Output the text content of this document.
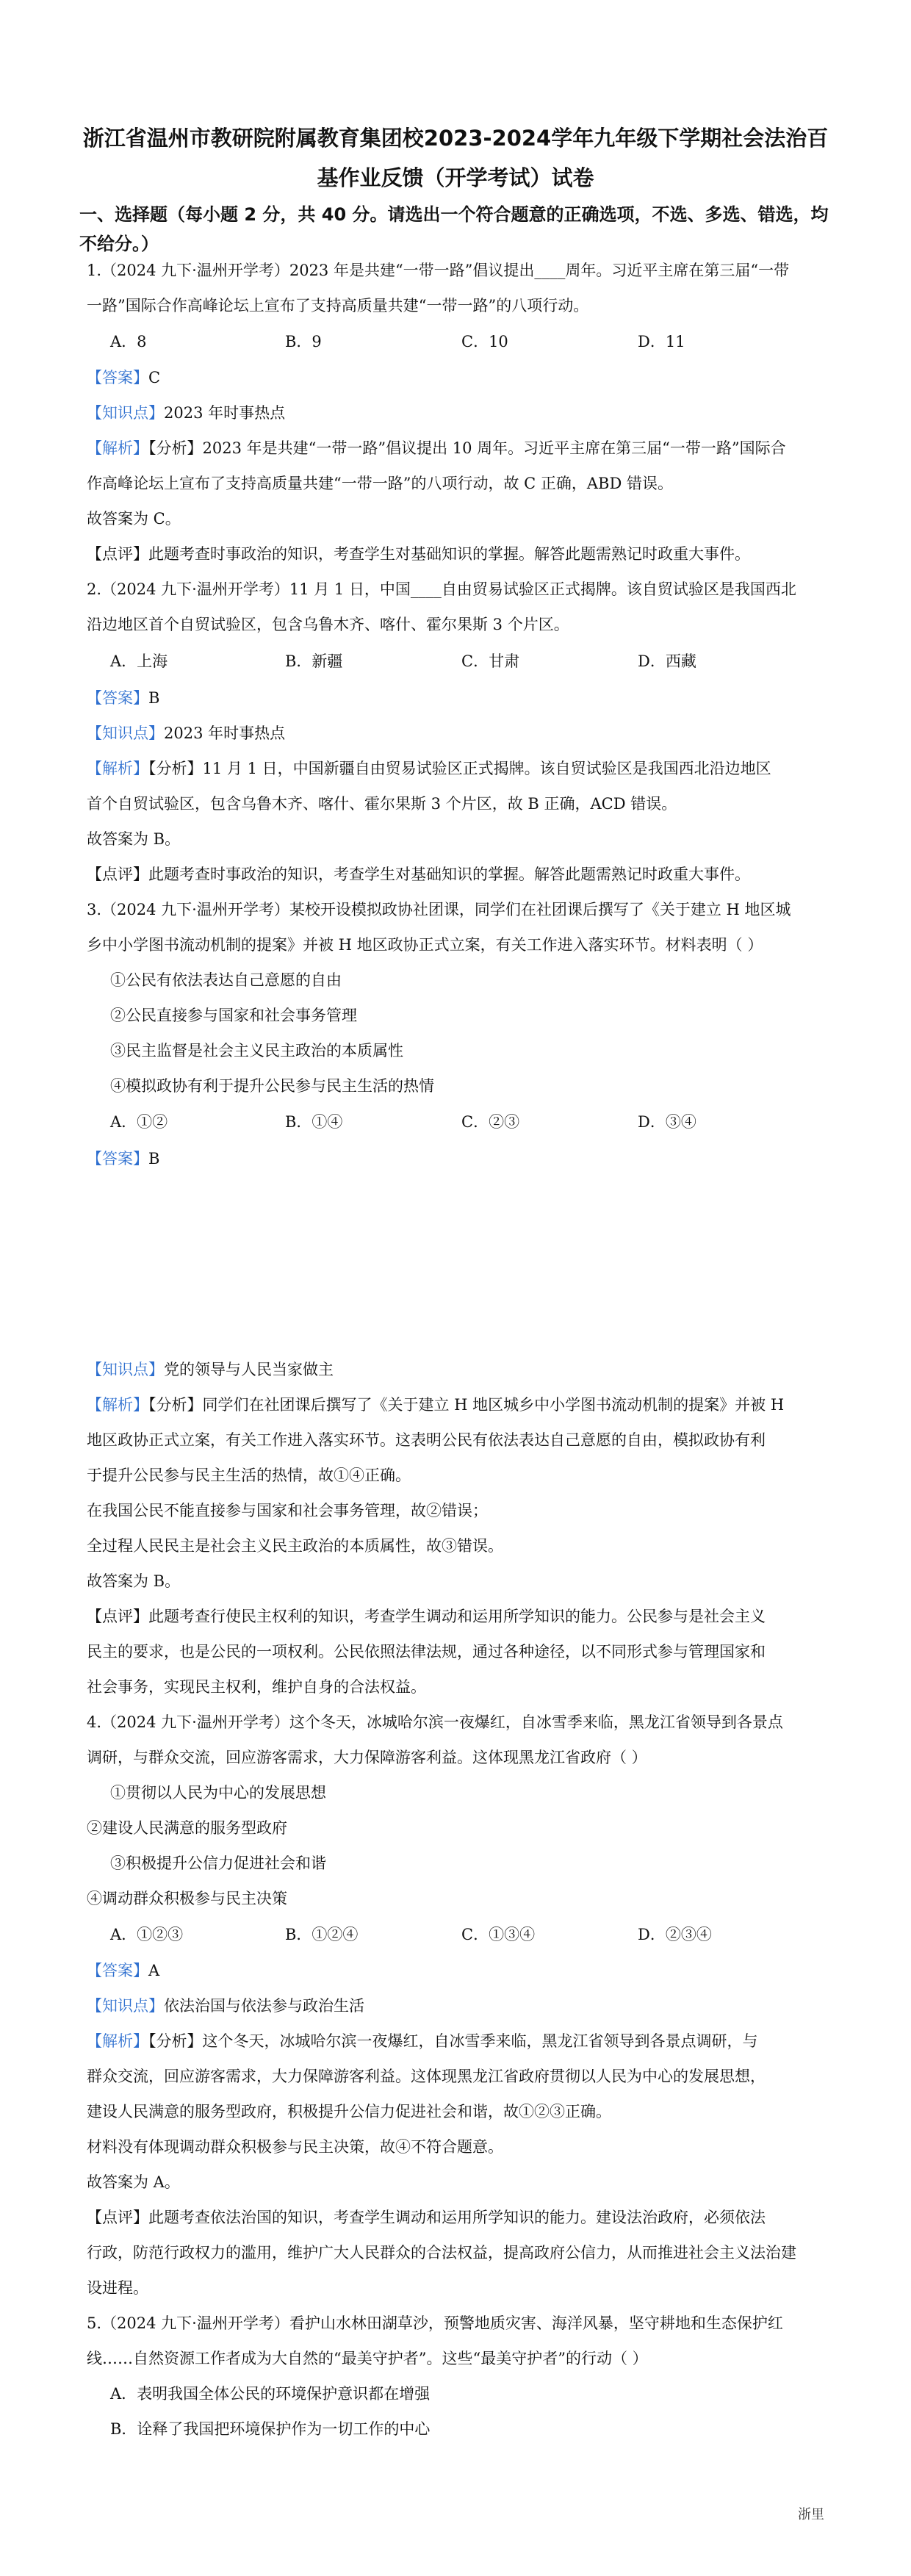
浙江省温州市教研院附属教育集团校2023-2024学年九年级下学期社会法治百
基作业反馈（开学考试）试卷
一、选择题（每小题 2 分，共 40 分。请选出一个符合题意的正确选项，不选、多选、错选，均不给分。）
1.（2024 九下·温州开学考）2023 年是共建“一带一路”倡议提出____周年。习近平主席在第三届“一带
一路”国际合作高峰论坛上宣布了支持高质量共建“一带一路”的八项行动。
A．8	B．9	C．10	D．11
【答案】C
【知识点】2023 年时事热点
【解析】【分析】2023 年是共建“一带一路”倡议提出 10 周年。习近平主席在第三届“一带一路”国际合
作高峰论坛上宣布了支持高质量共建“一带一路”的八项行动，故 C 正确，ABD 错误。
故答案为 C。
【点评】此题考查时事政治的知识，考查学生对基础知识的掌握。解答此题需熟记时政重大事件。
2.（2024 九下·温州开学考）11 月 1 日，中国____自由贸易试验区正式揭牌。该自贸试验区是我国西北
沿边地区首个自贸试验区，包含乌鲁木齐、喀什、霍尔果斯 3 个片区。
A．上海	B．新疆	C．甘肃	D．西藏
【答案】B
【知识点】2023 年时事热点
【解析】【分析】11 月 1 日，中国新疆自由贸易试验区正式揭牌。该自贸试验区是我国西北沿边地区
首个自贸试验区，包含乌鲁木齐、喀什、霍尔果斯 3 个片区，故 B 正确，ACD 错误。
故答案为 B。
【点评】此题考查时事政治的知识，考查学生对基础知识的掌握。解答此题需熟记时政重大事件。
3.（2024 九下·温州开学考）某校开设模拟政协社团课，同学们在社团课后撰写了《关于建立 H 地区城
乡中小学图书流动机制的提案》并被 H 地区政协正式立案，有关工作进入落实环节。材料表明（ ）
①公民有依法表达自己意愿的自由
②公民直接参与国家和社会事务管理
③民主监督是社会主义民主政治的本质属性
④模拟政协有利于提升公民参与民主生活的热情
A．①②	B．①④	C．②③	D．③④
【答案】B
【知识点】党的领导与人民当家做主
【解析】【分析】同学们在社团课后撰写了《关于建立 H 地区城乡中小学图书流动机制的提案》并被 H
地区政协正式立案，有关工作进入落实环节。这表明公民有依法表达自己意愿的自由，模拟政协有利
于提升公民参与民主生活的热情，故①④正确。
在我国公民不能直接参与国家和社会事务管理，故②错误；
全过程人民民主是社会主义民主政治的本质属性，故③错误。
故答案为 B。
【点评】此题考查行使民主权利的知识，考查学生调动和运用所学知识的能力。公民参与是社会主义
民主的要求，也是公民的一项权利。公民依照法律法规，通过各种途径，以不同形式参与管理国家和
社会事务，实现民主权利，维护自身的合法权益。
4.（2024 九下·温州开学考）这个冬天，冰城哈尔滨一夜爆红，自冰雪季来临，黑龙江省领导到各景点
调研，与群众交流，回应游客需求，大力保障游客利益。这体现黑龙江省政府（ ）
①贯彻以人民为中心的发展思想
②建设人民满意的服务型政府
③积极提升公信力促进社会和谐
④调动群众积极参与民主决策
A．①②③	B．①②④	C．①③④	D．②③④
【答案】A
【知识点】依法治国与依法参与政治生活
【解析】【分析】这个冬天，冰城哈尔滨一夜爆红，自冰雪季来临，黑龙江省领导到各景点调研，与
群众交流，回应游客需求，大力保障游客利益。这体现黑龙江省政府贯彻以人民为中心的发展思想，
建设人民满意的服务型政府，积极提升公信力促进社会和谐，故①②③正确。
材料没有体现调动群众积极参与民主决策，故④不符合题意。
故答案为 A。
【点评】此题考查依法治国的知识，考查学生调动和运用所学知识的能力。建设法治政府，必须依法
行政，防范行政权力的滥用，维护广大人民群众的合法权益，提高政府公信力，从而推进社会主义法治建
设进程。
5.（2024 九下·温州开学考）看护山水林田湖草沙，预警地质灾害、海洋风暴，坚守耕地和生态保护红
线……自然资源工作者成为大自然的“最美守护者”。这些“最美守护者”的行动（ ）
A．表明我国全体公民的环境保护意识都在增强
B．诠释了我国把环境保护作为一切工作的中心
浙里
